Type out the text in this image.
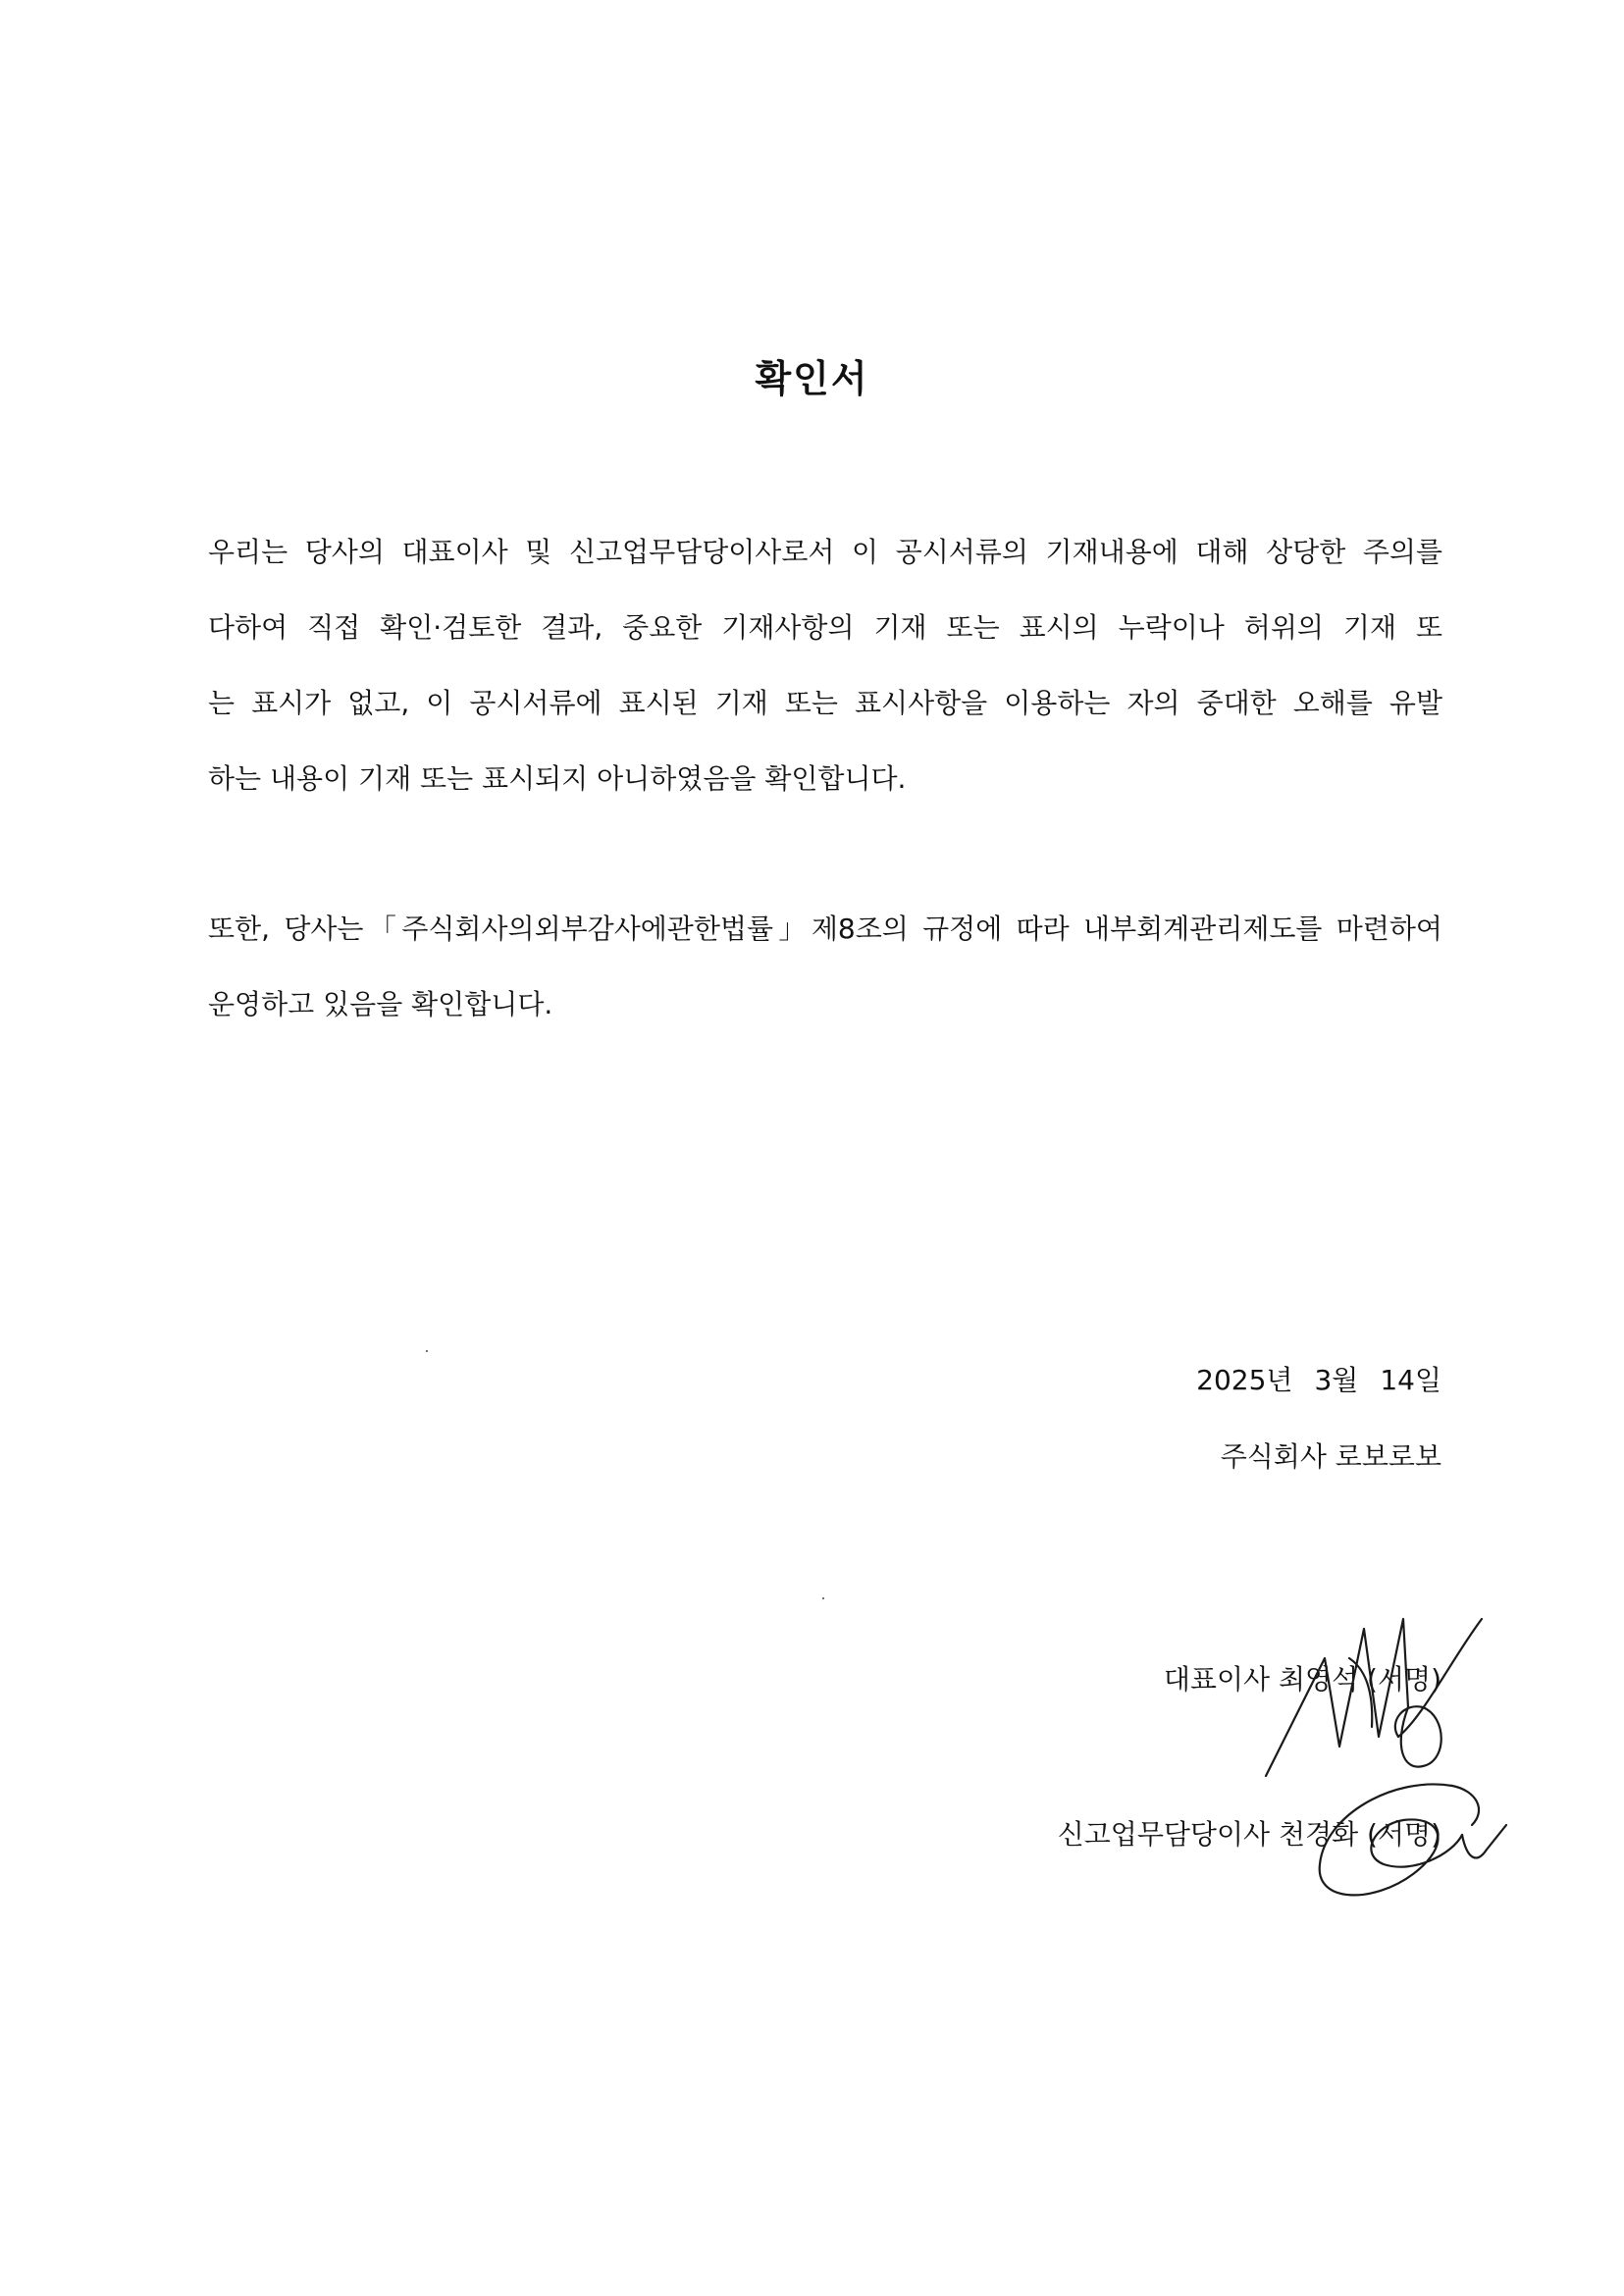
확인서
우리는 당사의 대표이사 및 신고업무담당이사로서 이 공시서류의 기재내용에 대해 상당한 주의를
다하여 직접 확인·검토한 결과, 중요한 기재사항의 기재 또는 표시의 누락이나 허위의 기재 또
는 표시가 없고, 이 공시서류에 표시된 기재 또는 표시사항을 이용하는 자의 중대한 오해를 유발
하는 내용이 기재 또는 표시되지 아니하였음을 확인합니다.
또한, 당사는「주식회사의외부감사에관한법률」제8조의 규정에 따라 내부회계관리제도를 마련하여
운영하고 있음을 확인합니다.
2025년 3월 14일
주식회사 로보로보
대표이사 최영석 (서명)
신고업무담당이사 천경화 (서명)
